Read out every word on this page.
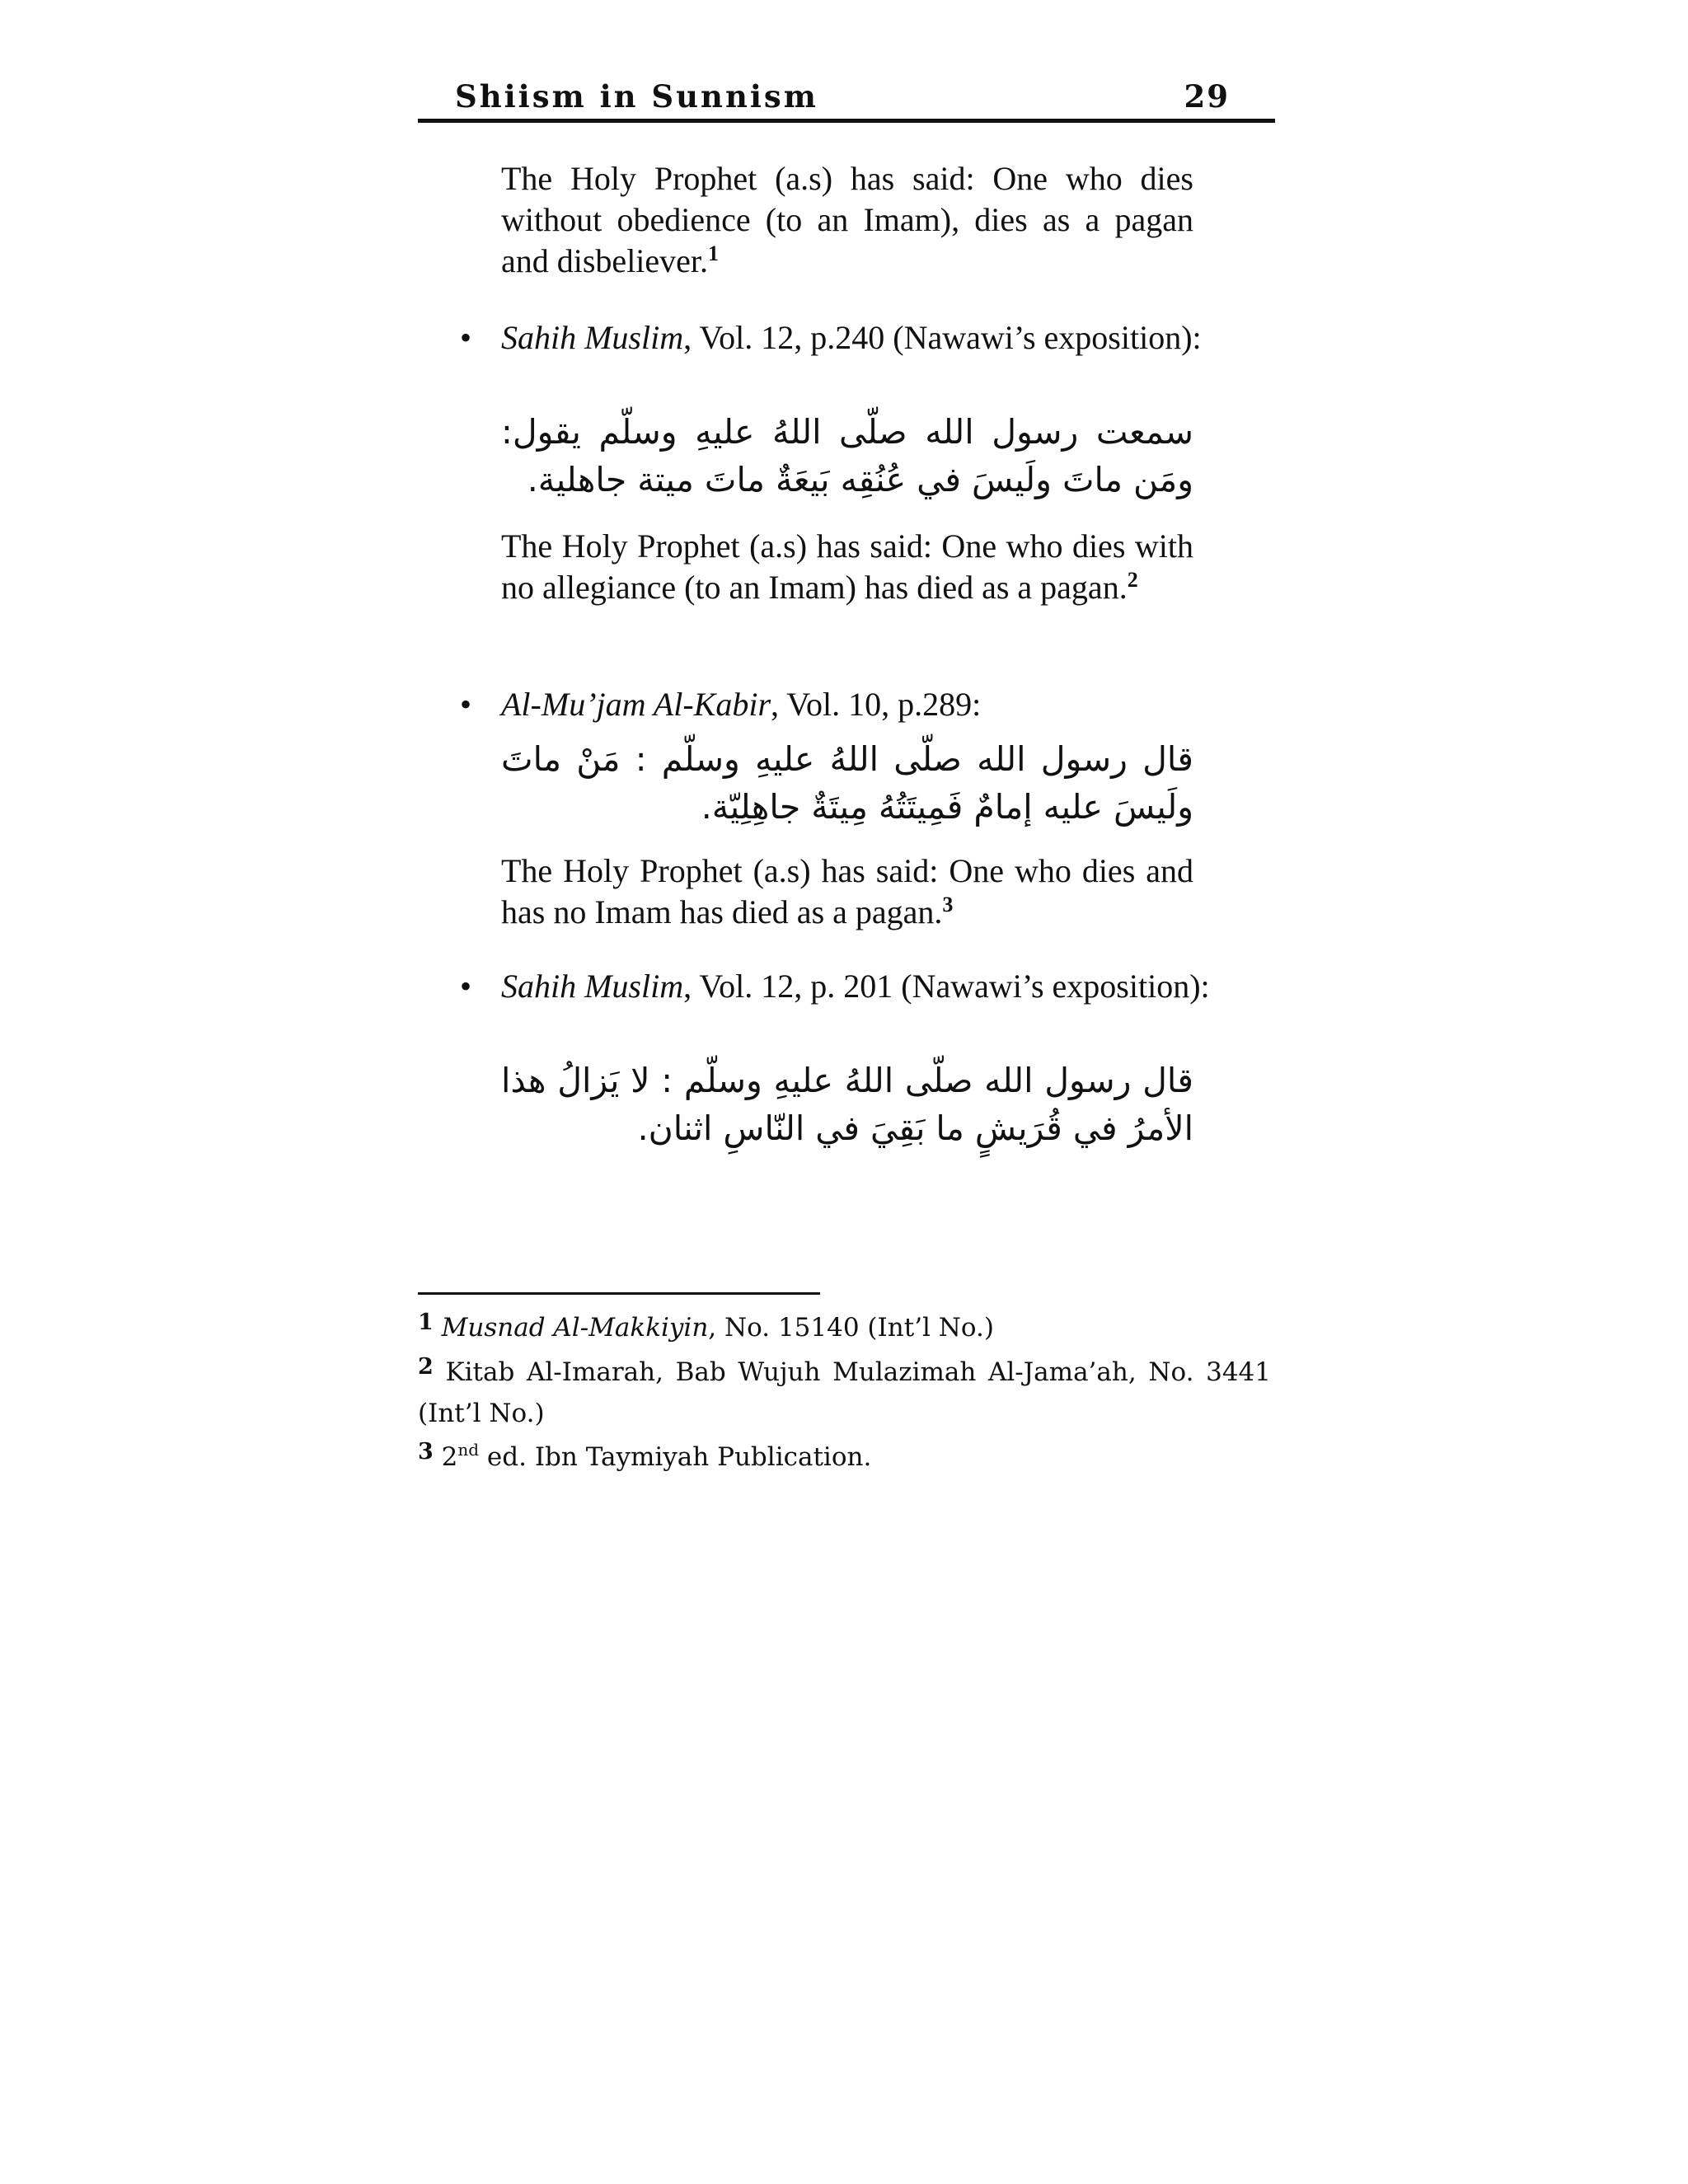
Shiism in Sunnism	29
The Holy Prophet (a.s) has said: One who dies without obedience (to an Imam), dies as a pagan and disbeliever.$^1$
• Sahih Muslim, Vol. 12, p.240 (Nawawi’s exposition):
سمعت رسول الله صلّى اللهُ عليهِ وسلّم يقول: ومَن ماتَ ولَيسَ في عُنُقِه بَيعَةٌ ماتَ ميتة جاهلية.
The Holy Prophet (a.s) has said: One who dies with no allegiance (to an Imam) has died as a pagan.$^2$
• Al-Mu’jam Al-Kabir, Vol. 10, p.289:
قال رسول الله صلّى اللهُ عليهِ وسلّم : مَنْ ماتَ ولَيسَ عليه إمامٌ فَمِيتَتُهُ مِيتَةٌ جاهِلِيّة.
The Holy Prophet (a.s) has said: One who dies and has no Imam has died as a pagan.$^3$
• Sahih Muslim, Vol. 12, p. 201 (Nawawi’s exposition):
قال رسول الله صلّى اللهُ عليهِ وسلّم : لا يَزالُ هذا الأمرُ في قُرَيشٍ ما بَقِيَ في النّاسِ اثنان.
1 Musnad Al-Makkiyin, No. 15140 (Int’l No.)
2 Kitab Al-Imarah, Bab Wujuh Mulazimah Al-Jama’ah, No. 3441 (Int’l No.)
3 2nd ed. Ibn Taymiyah Publication.
